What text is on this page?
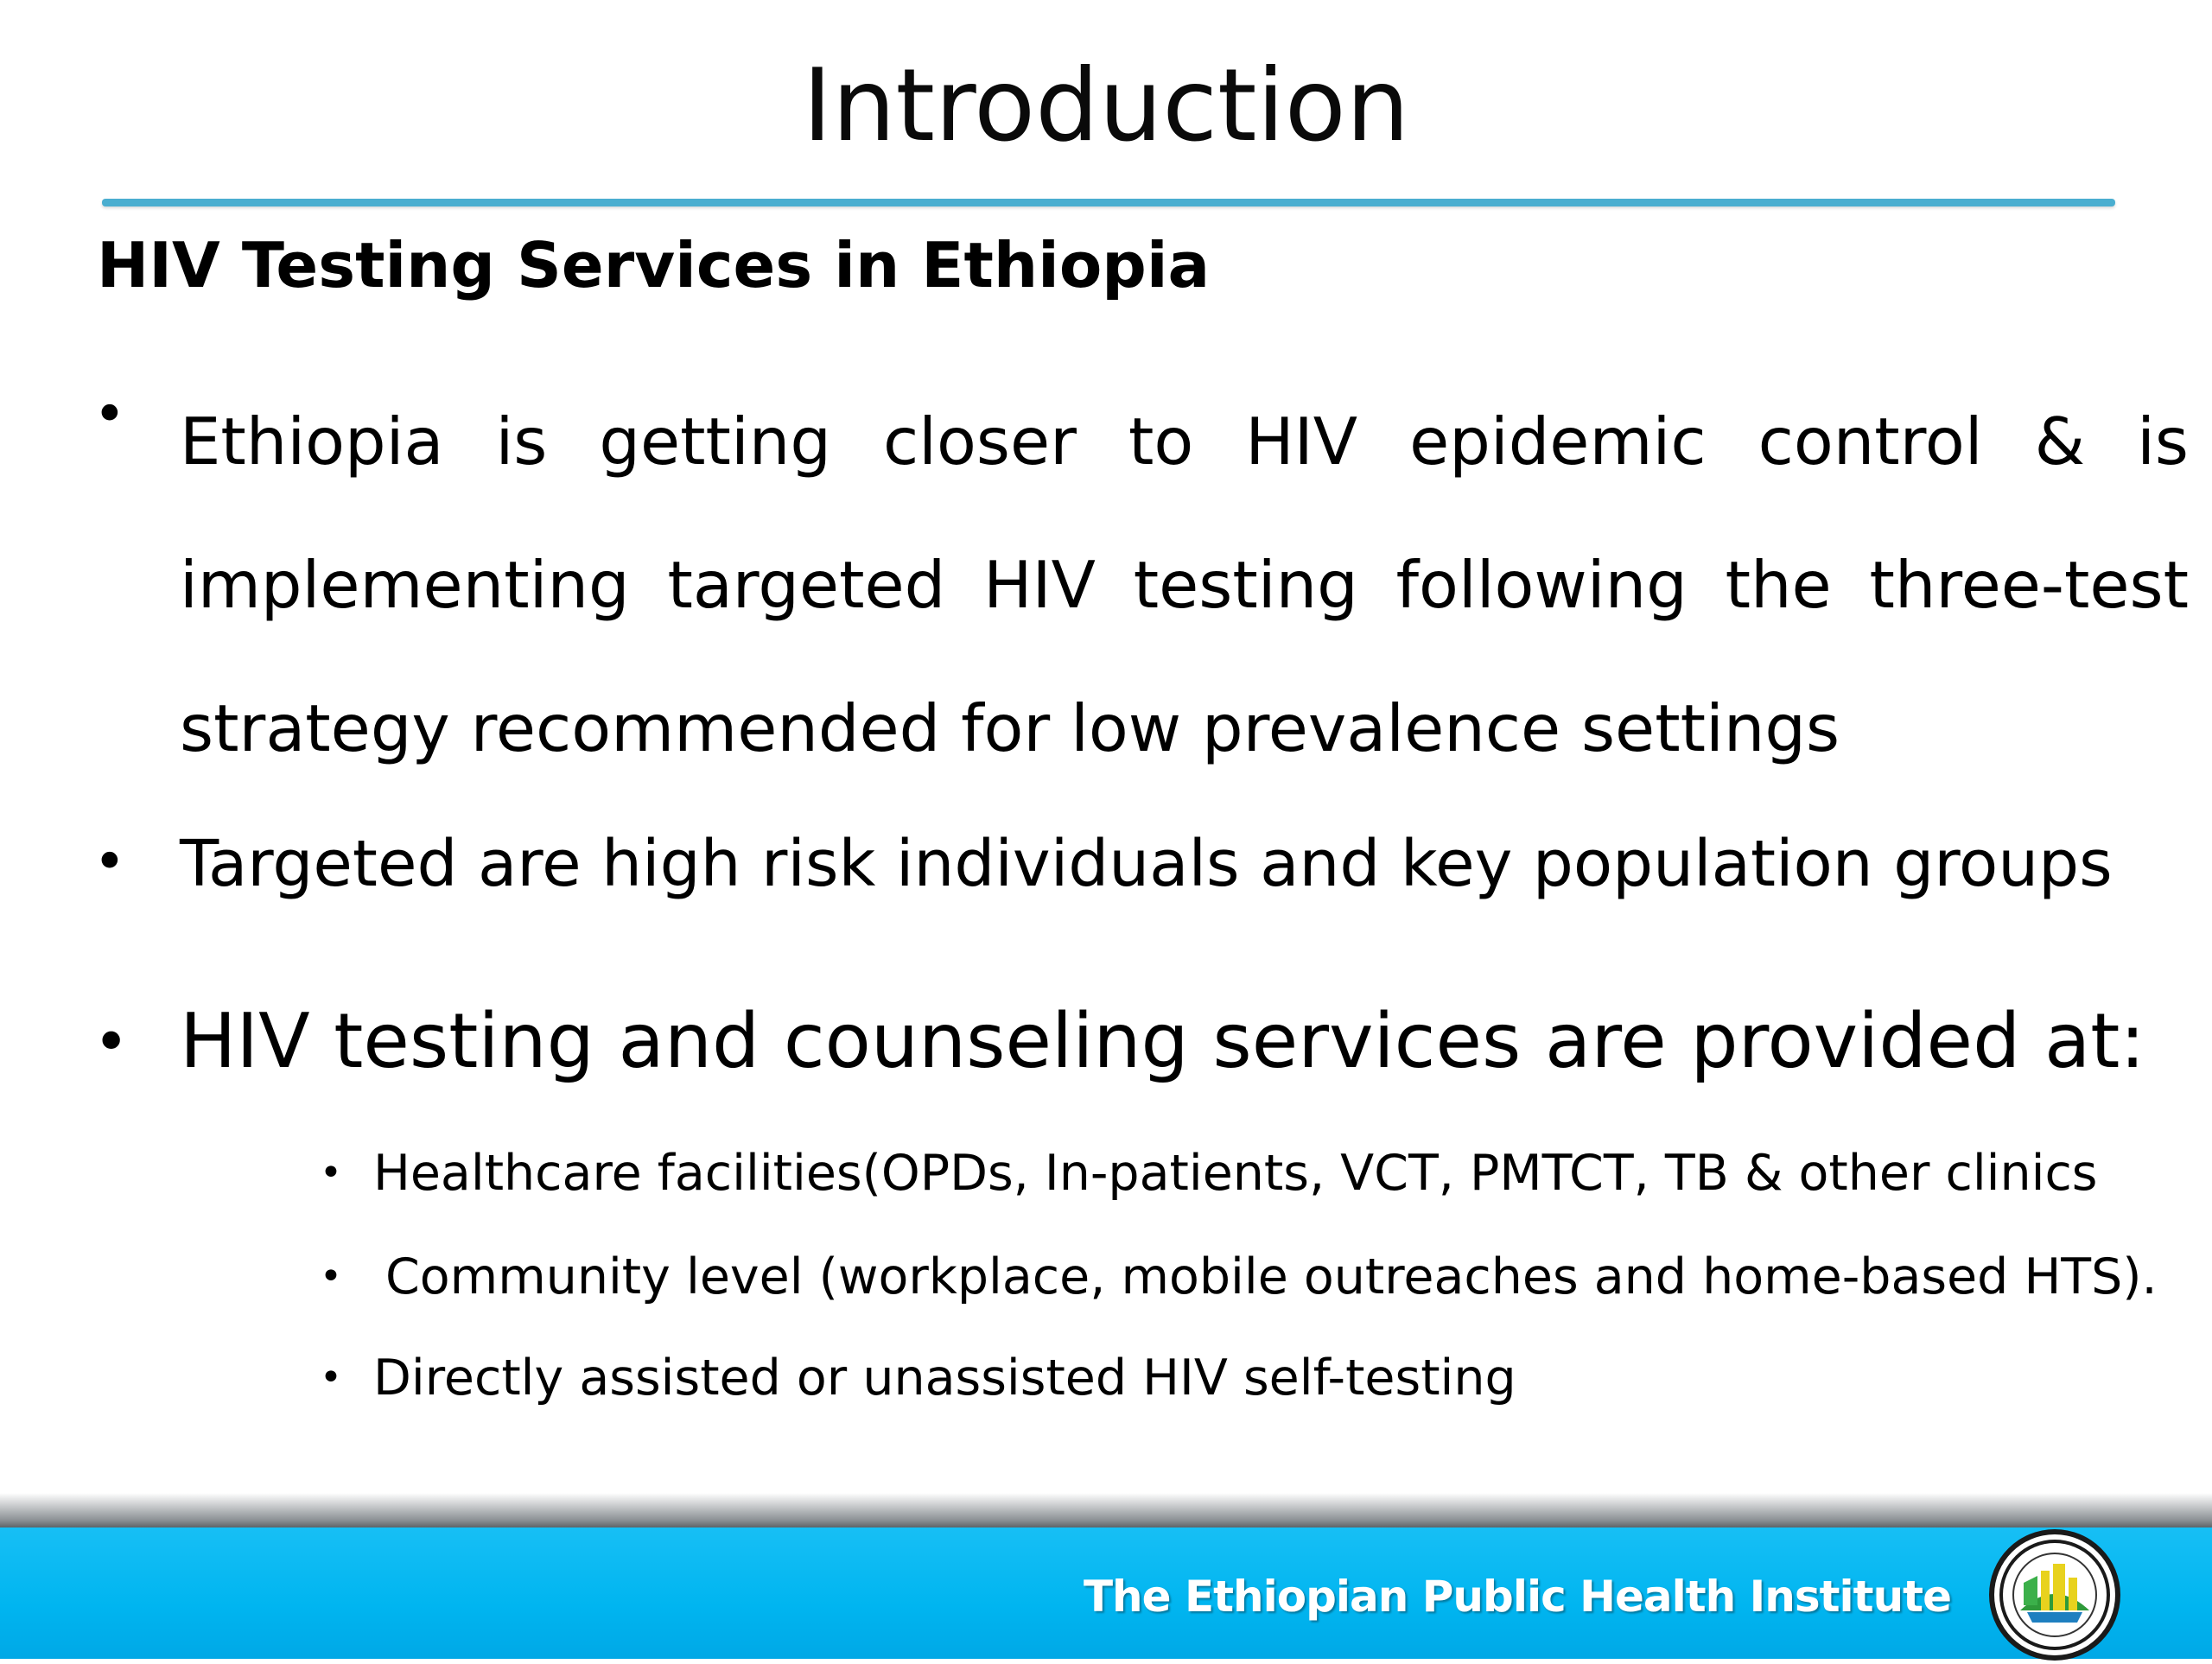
Introduction
HIV Testing Services in Ethiopia
• Ethiopia is getting closer to HIV epidemic control & is implementing targeted HIV testing following the three-test strategy recommended for low prevalence settings
• Targeted are high risk individuals and key population groups
• HIV testing and counseling services are provided at:
• Healthcare facilities(OPDs, In-patients, VCT, PMTCT, TB & other clinics
• Community level (workplace, mobile outreaches and home-based HTS).
• Directly assisted or unassisted HIV self-testing
The Ethiopian Public Health Institute
